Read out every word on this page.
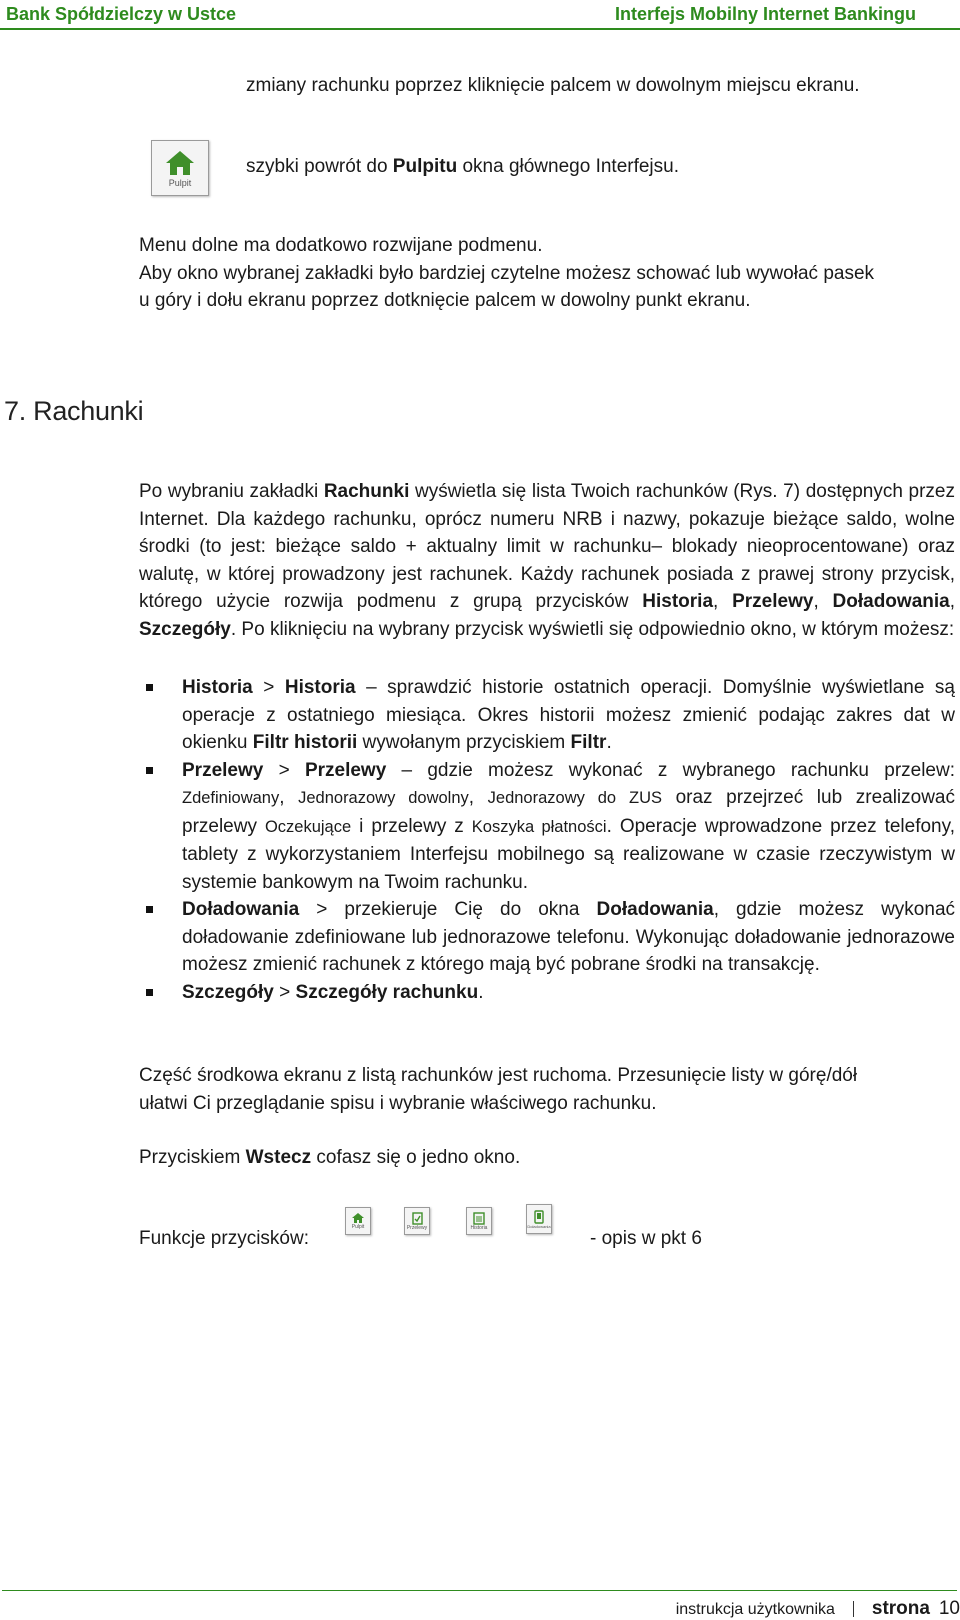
Bank Spółdzielczy w Ustce	Interfejs Mobilny Internet Bankingu
zmiany rachunku poprzez kliknięcie palcem w dowolnym miejscu ekranu.
Pulpit
szybki powrót do Pulpitu okna głównego Interfejsu.
Menu dolne ma dodatkowo rozwijane podmenu.
Aby okno wybranej zakładki było bardziej czytelne możesz schować lub wywołać pasek
u góry i dołu ekranu poprzez dotknięcie palcem w dowolny punkt ekranu.
7. Rachunki
Po wybraniu zakładki Rachunki wyświetla się lista Twoich rachunków (Rys. 7) dostępnych przez Internet. Dla każdego rachunku, oprócz numeru NRB i nazwy, pokazuje bieżące saldo, wolne środki (to jest: bieżące saldo + aktualny limit w rachunku– blokady nieoprocentowane) oraz walutę, w której prowadzony jest rachunek. Każdy rachunek posiada z prawej strony przycisk, którego użycie rozwija podmenu z grupą przycisków Historia, Przelewy, Doładowania, Szczegóły. Po kliknięciu na wybrany przycisk wyświetli się odpowiednio okno, w którym możesz:
Historia > Historia – sprawdzić historie ostatnich operacji. Domyślnie wyświetlane są operacje z ostatniego miesiąca. Okres historii możesz zmienić podając zakres dat w okienku Filtr historii wywołanym przyciskiem Filtr.
Przelewy > Przelewy – gdzie możesz wykonać z wybranego rachunku przelew: Zdefiniowany, Jednorazowy dowolny, Jednorazowy do ZUS oraz przejrzeć lub zrealizować przelewy Oczekujące i przelewy z Koszyka płatności. Operacje wprowadzone przez telefony, tablety z wykorzystaniem Interfejsu mobilnego są realizowane w czasie rzeczywistym w systemie bankowym na Twoim rachunku.
Doładowania > przekieruje Cię do okna Doładowania, gdzie możesz wykonać doładowanie zdefiniowane lub jednorazowe telefonu. Wykonując doładowanie jednorazowe możesz zmienić rachunek z którego mają być pobrane środki na transakcję.
Szczegóły > Szczegóły rachunku.
Część środkowa ekranu z listą rachunków jest ruchoma. Przesunięcie listy w górę/dół
ułatwi Ci przeglądanie spisu i wybranie właściwego rachunku.
Przyciskiem Wstecz cofasz się o jedno okno.
Funkcje przycisków:
Pulpit	Przelewy	Historia	Doładowania
- opis w pkt 6
instrukcja użytkownika strona 10
